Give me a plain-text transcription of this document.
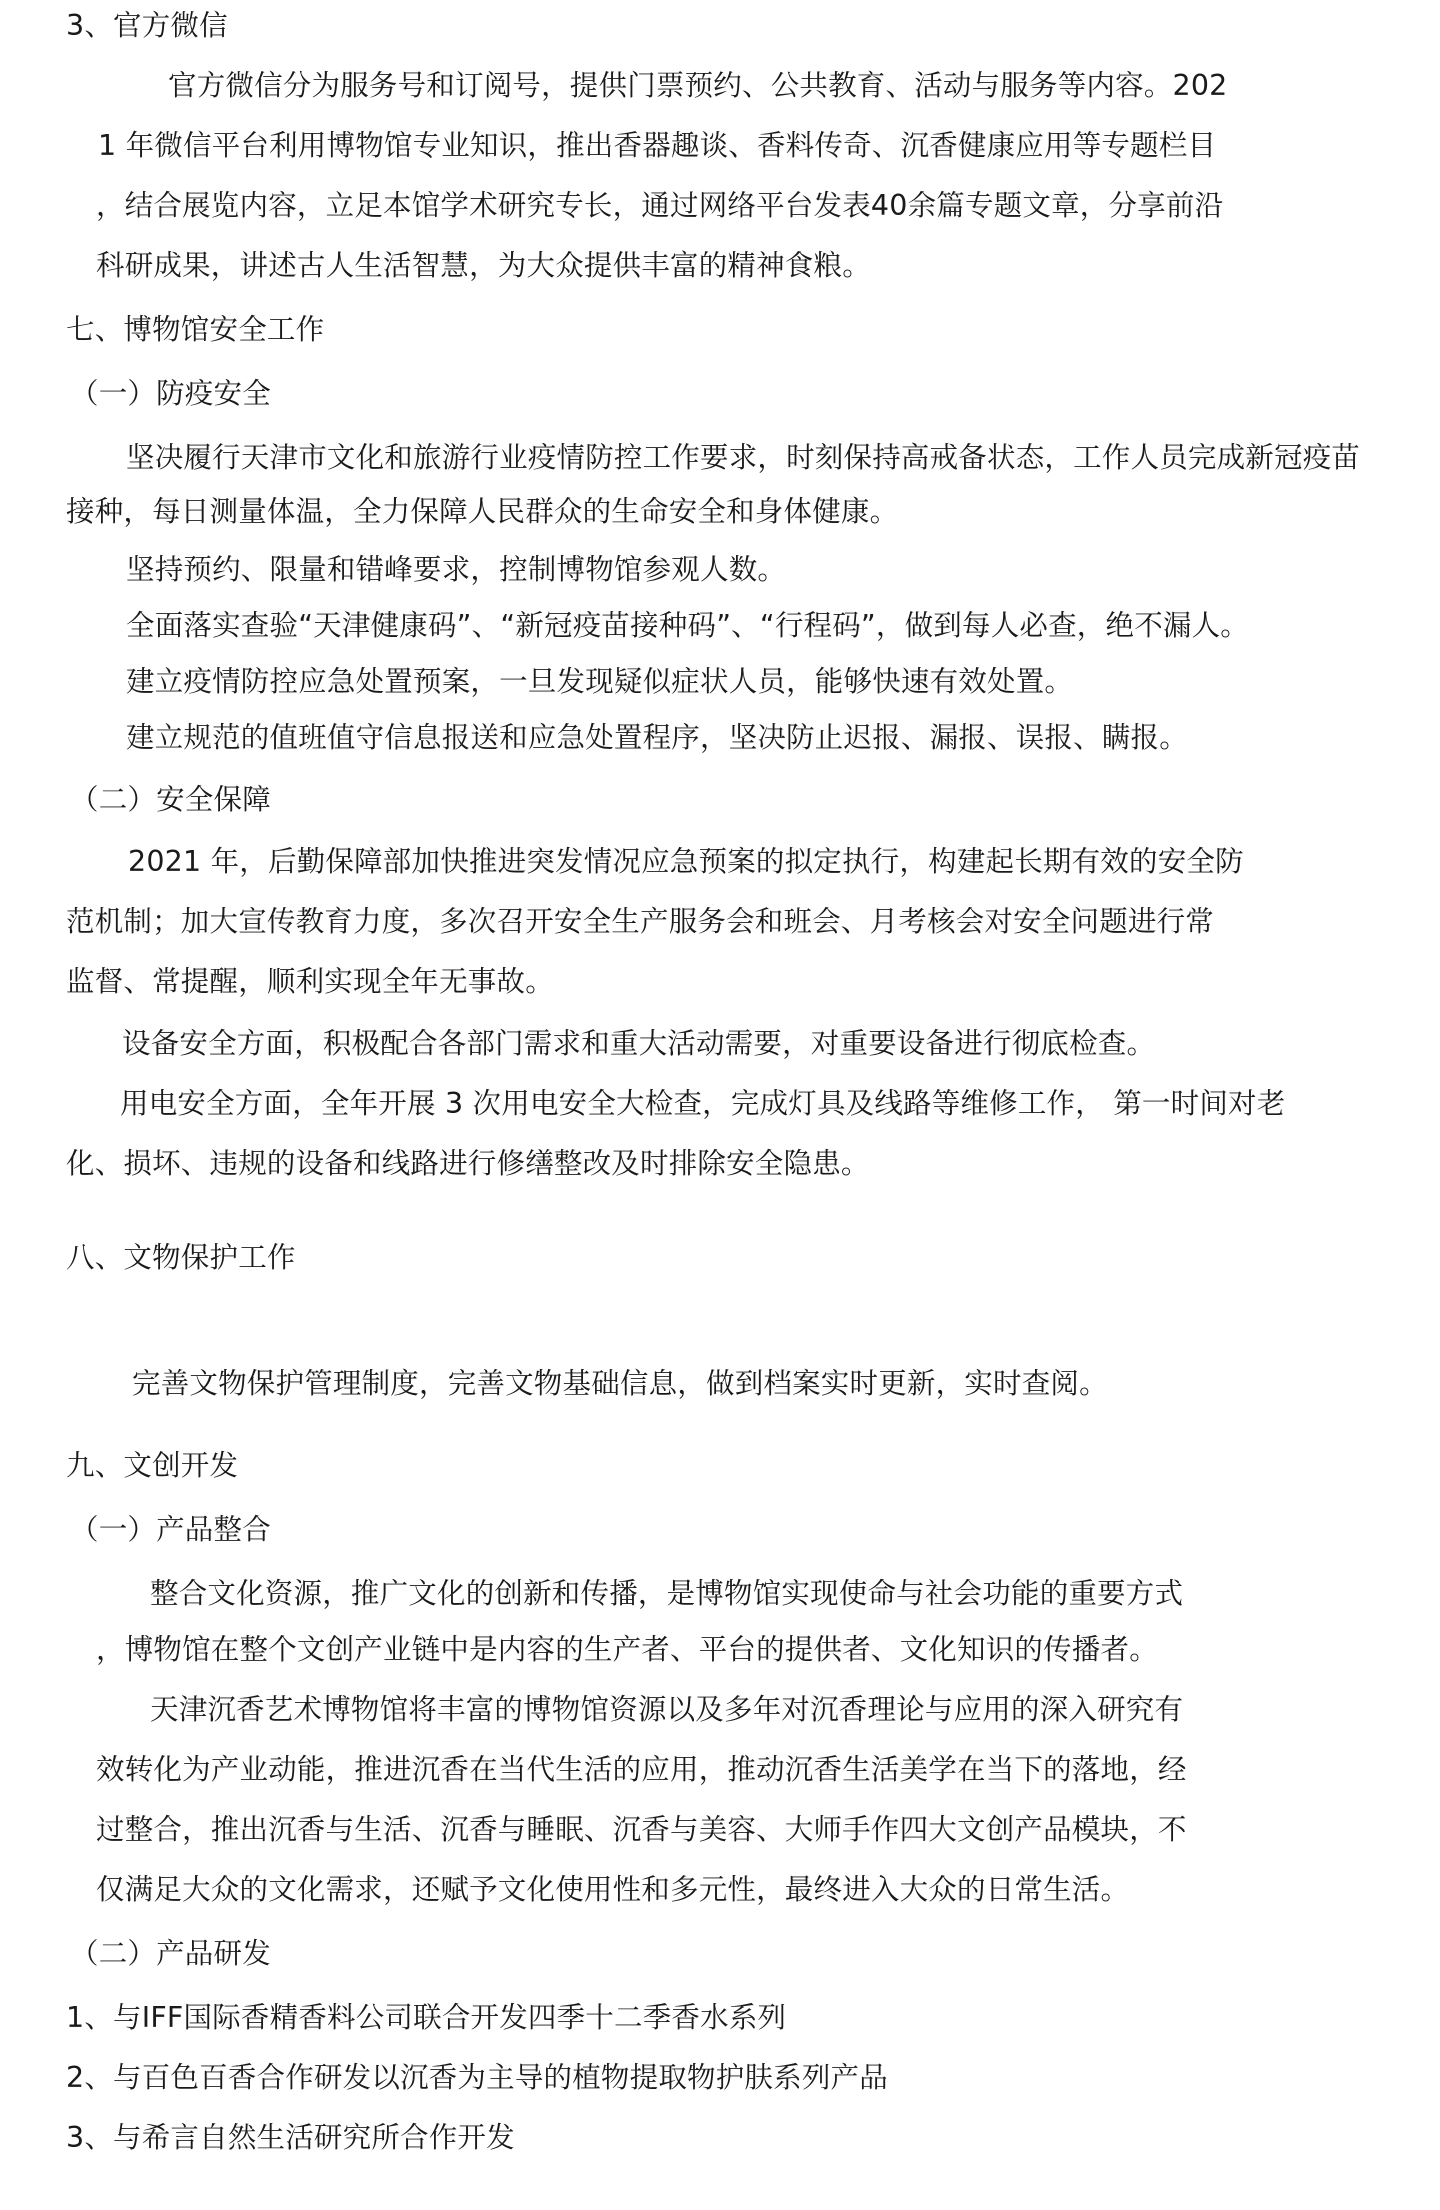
3、官方微信
官方微信分为服务号和订阅号，提供门票预约、公共教育、活动与服务等内容。202
1 年微信平台利用博物馆专业知识，推出香器趣谈、香料传奇、沉香健康应用等专题栏目
，结合展览内容，立足本馆学术研究专长，通过网络平台发表40余篇专题文章，分享前沿
科研成果，讲述古人生活智慧，为大众提供丰富的精神食粮。
七、博物馆安全工作
（一）防疫安全
坚决履行天津市文化和旅游行业疫情防控工作要求，时刻保持高戒备状态，工作人员完成新冠疫苗
接种，每日测量体温，全力保障人民群众的生命安全和身体健康。
坚持预约、限量和错峰要求，控制博物馆参观人数。
全面落实查验“天津健康码”、“新冠疫苗接种码”、“行程码”，做到每人必查，绝不漏人。
建立疫情防控应急处置预案，一旦发现疑似症状人员，能够快速有效处置。
建立规范的值班值守信息报送和应急处置程序，坚决防止迟报、漏报、误报、瞒报。
（二）安全保障
2021 年，后勤保障部加快推进突发情况应急预案的拟定执行，构建起长期有效的安全防
范机制；加大宣传教育力度，多次召开安全生产服务会和班会、月考核会对安全问题进行常
监督、常提醒，顺利实现全年无事故。
设备安全方面，积极配合各部门需求和重大活动需要，对重要设备进行彻底检查。
用电安全方面，全年开展 3 次用电安全大检查，完成灯具及线路等维修工作， 第一时间对老
化、损坏、违规的设备和线路进行修缮整改及时排除安全隐患。
八、文物保护工作
完善文物保护管理制度，完善文物基础信息，做到档案实时更新，实时查阅。
九、文创开发
（一）产品整合
整合文化资源，推广文化的创新和传播，是博物馆实现使命与社会功能的重要方式
，博物馆在整个文创产业链中是内容的生产者、平台的提供者、文化知识的传播者。
天津沉香艺术博物馆将丰富的博物馆资源以及多年对沉香理论与应用的深入研究有
效转化为产业动能，推进沉香在当代生活的应用，推动沉香生活美学在当下的落地，经
过整合，推出沉香与生活、沉香与睡眠、沉香与美容、大师手作四大文创产品模块，不
仅满足大众的文化需求，还赋予文化使用性和多元性，最终进入大众的日常生活。
（二）产品研发
1、与IFF国际香精香料公司联合开发四季十二季香水系列
2、与百色百香合作研发以沉香为主导的植物提取物护肤系列产品
3、与希言自然生活研究所合作开发
